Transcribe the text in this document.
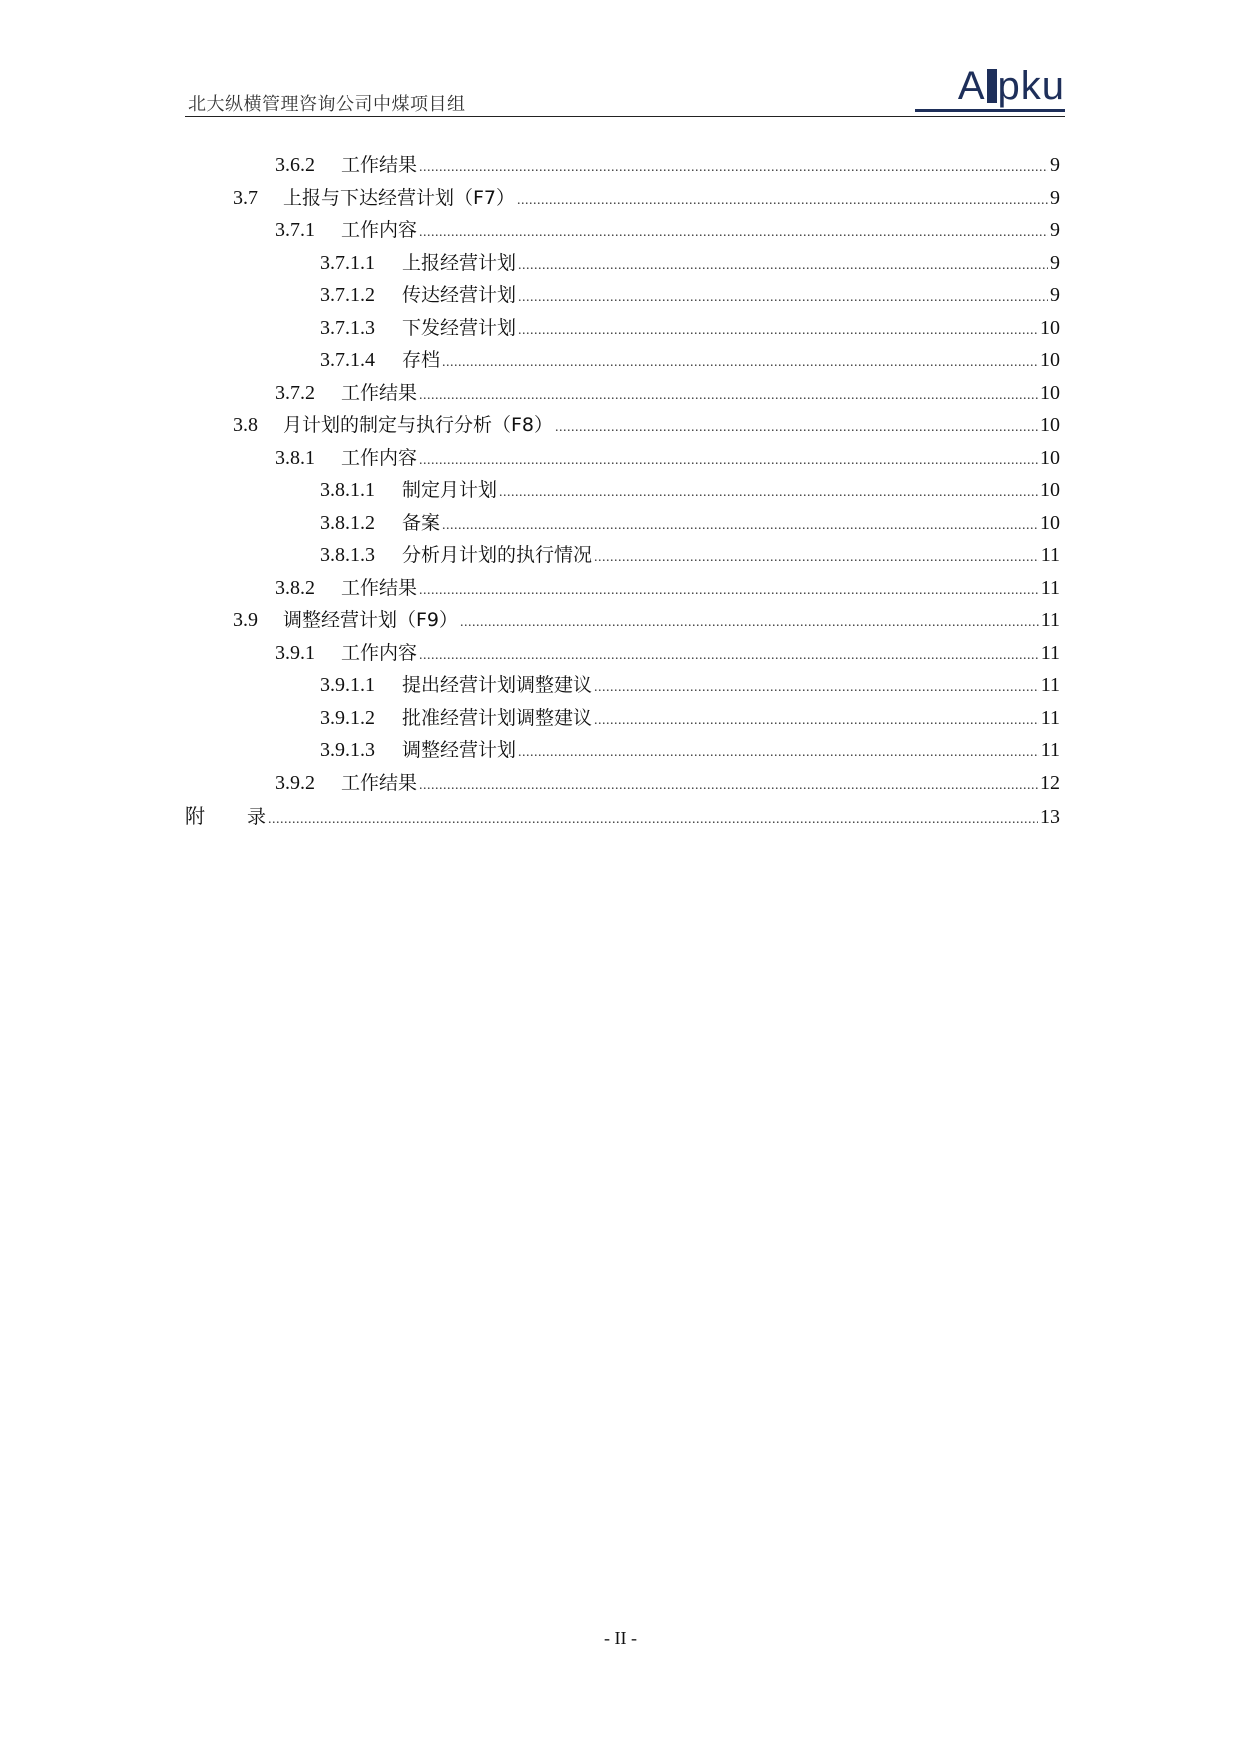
北大纵横管理咨询公司中煤项目组	A pku
3.6.2	工作结果 .....	9
3.7	上报与下达经营计划（F7） .....	9
3.7.1	工作内容 .....	9
3.7.1.1	上报经营计划 .....	9
3.7.1.2	传达经营计划 .....	9
3.7.1.3	下发经营计划 .....	10
3.7.1.4	存档 .....	10
3.7.2	工作结果 .....	10
3.8	月计划的制定与执行分析（F8） .....	10
3.8.1	工作内容 .....	10
3.8.1.1	制定月计划 .....	10
3.8.1.2	备案 .....	10
3.8.1.3	分析月计划的执行情况 .....	11
3.8.2	工作结果 .....	11
3.9	调整经营计划（F9） .....	11
3.9.1	工作内容 .....	11
3.9.1.1	提出经营计划调整建议 .....	11
3.9.1.2	批准经营计划调整建议 .....	11
3.9.1.3	调整经营计划 .....	11
3.9.2	工作结果 .....	12
附	录 .....	13
- II -
